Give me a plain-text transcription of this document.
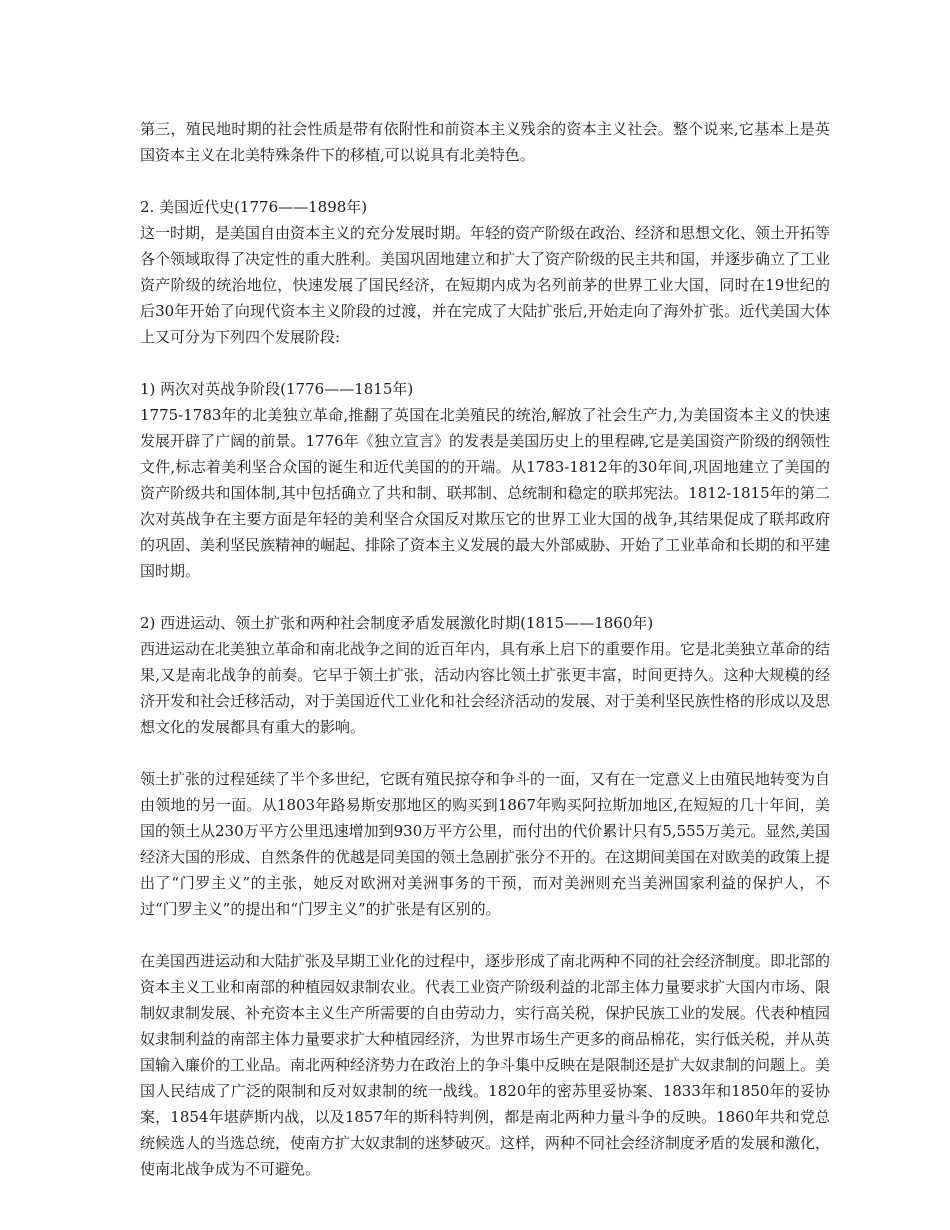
第三，殖民地时期的社会性质是带有依附性和前资本主义残余的资本主义社会。整个说来,它基本上是英国资本主义在北美特殊条件下的移植,可以说具有北美特色。

2. 美国近代史(1776——1898年)

这一时期，是美国自由资本主义的充分发展时期。年轻的资产阶级在政治、经济和思想文化、领土开拓等各个领域取得了决定性的重大胜利。美国巩固地建立和扩大了资产阶级的民主共和国，并逐步确立了工业资产阶级的统治地位，快速发展了国民经济，在短期内成为名列前茅的世界工业大国，同时在19世纪的后30年开始了向现代资本主义阶段的过渡，并在完成了大陆扩张后,开始走向了海外扩张。近代美国大体上又可分为下列四个发展阶段:

1) 两次对英战争阶段(1776——1815年)

1775-1783年的北美独立革命,推翻了英国在北美殖民的统治,解放了社会生产力,为美国资本主义的快速发展开辟了广阔的前景。1776年《独立宣言》的发表是美国历史上的里程碑,它是美国资产阶级的纲领性文件,标志着美利坚合众国的诞生和近代美国的的开端。从1783-1812年的30年间,巩固地建立了美国的资产阶级共和国体制,其中包括确立了共和制、联邦制、总统制和稳定的联邦宪法。1812-1815年的第二次对英战争在主要方面是年轻的美利坚合众国反对欺压它的世界工业大国的战争,其结果促成了联邦政府的巩固、美利坚民族精神的崛起、排除了资本主义发展的最大外部威胁、开始了工业革命和长期的和平建国时期。

2) 西进运动、领土扩张和两种社会制度矛盾发展激化时期(1815——1860年)

西进运动在北美独立革命和南北战争之间的近百年内，具有承上启下的重要作用。它是北美独立革命的结果,又是南北战争的前奏。它早于领土扩张，活动内容比领土扩张更丰富，时间更持久。这种大规模的经济开发和社会迁移活动，对于美国近代工业化和社会经济活动的发展、对于美利坚民族性格的形成以及思想文化的发展都具有重大的影响。

领土扩张的过程延续了半个多世纪，它既有殖民掠夺和争斗的一面，又有在一定意义上由殖民地转变为自由领地的另一面。从1803年路易斯安那地区的购买到1867年购买阿拉斯加地区,在短短的几十年间，美国的领土从230万平方公里迅速增加到930万平方公里，而付出的代价累计只有5,555万美元。显然,美国经济大国的形成、自然条件的优越是同美国的领土急剧扩张分不开的。在这期间美国在对欧美的政策上提出了“门罗主义”的主张，她反对欧洲对美洲事务的干预，而对美洲则充当美洲国家利益的保护人，不过“门罗主义”的提出和“门罗主义”的扩张是有区别的。

在美国西进运动和大陆扩张及早期工业化的过程中，逐步形成了南北两种不同的社会经济制度。即北部的资本主义工业和南部的种植园奴隶制农业。代表工业资产阶级利益的北部主体力量要求扩大国内市场、限制奴隶制发展、补充资本主义生产所需要的自由劳动力，实行高关税，保护民族工业的发展。代表种植园奴隶制利益的南部主体力量要求扩大种植园经济，为世界市场生产更多的商品棉花，实行低关税，并从英国输入廉价的工业品。南北两种经济势力在政治上的争斗集中反映在是限制还是扩大奴隶制的问题上。美国人民结成了广泛的限制和反对奴隶制的统一战线。1820年的密苏里妥协案、1833年和1850年的妥协案，1854年堪萨斯内战，以及1857年的斯科特判例，都是南北两种力量斗争的反映。1860年共和党总统候选人的当选总统，使南方扩大奴隶制的迷梦破灭。这样，两种不同社会经济制度矛盾的发展和激化，使南北战争成为不可避免。
